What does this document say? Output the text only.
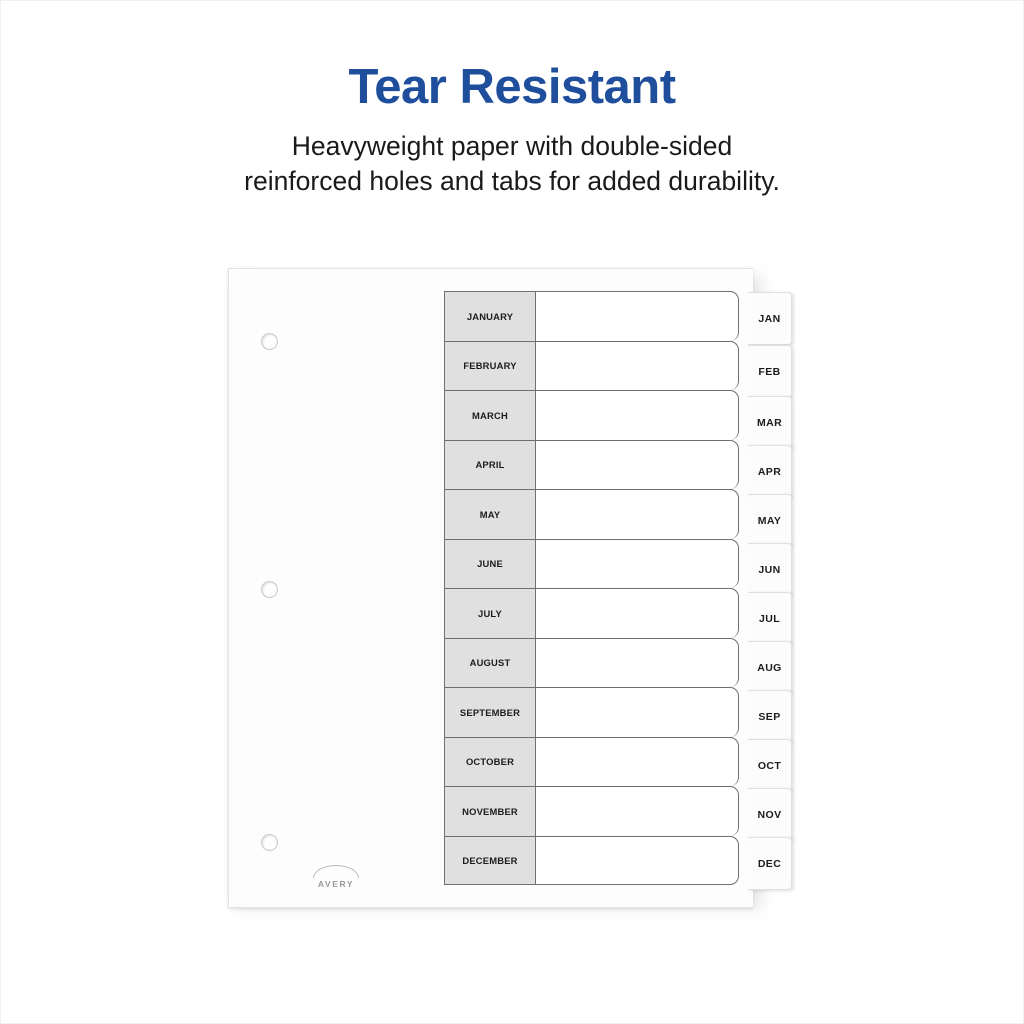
Tear Resistant
Heavyweight paper with double-sided
reinforced holes and tabs for added durability.
AVERY
JANUARY
FEBRUARY
MARCH
APRIL
MAY
JUNE
JULY
AUGUST
SEPTEMBER
OCTOBER
NOVEMBER
DECEMBER
JAN
FEB
MAR
APR
MAY
JUN
JUL
AUG
SEP
OCT
NOV
DEC
